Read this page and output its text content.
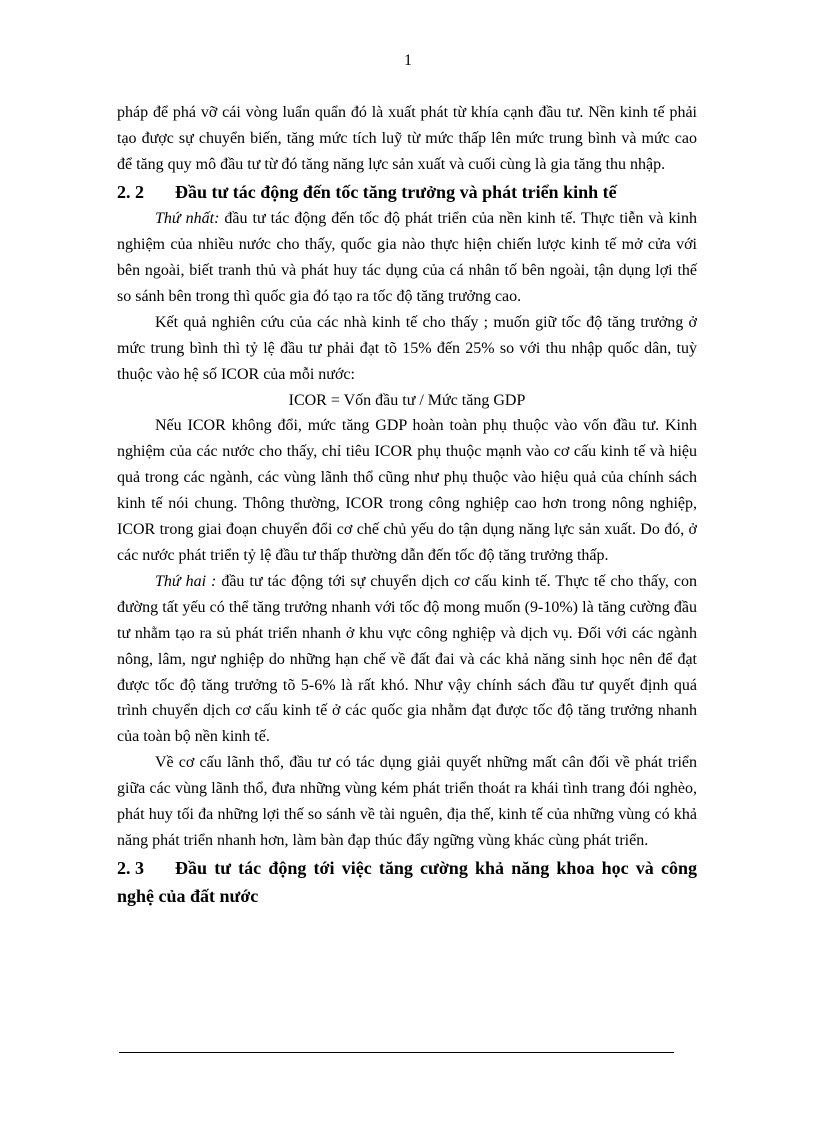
1

pháp để phá vỡ cái vòng luẩn quẩn đó là xuất phát từ khía cạnh đầu tư. Nền kinh tế phải tạo được sự chuyển biến, tăng mức tích luỹ từ mức thấp lên mức trung bình và mức cao để tăng quy mô đầu tư từ đó tăng năng lực sản xuất và cuối cùng là gia tăng thu nhập.

2. 2 Đầu tư tác động đến tốc tăng trưởng và phát triển kinh tế

Thứ nhất: đầu tư tác động đến tốc độ phát triển của nền kinh tế. Thực tiễn và kinh nghiệm của nhiều nước cho thấy, quốc gia nào thực hiện chiến lược kinh tế mở cửa với bên ngoài, biết tranh thủ và phát huy tác dụng của cá nhân tố bên ngoài, tận dụng lợi thế so sánh bên trong thì quốc gia đó tạo ra tốc độ tăng trưởng cao.

Kết quả nghiên cứu của các nhà kinh tế cho thấy ; muốn giữ tốc độ tăng trưởng ở mức trung bình thì tỷ lệ đầu tư phải đạt tõ 15% đến 25% so với thu nhập quốc dân, tuỳ thuộc vào hệ số ICOR của mỗi nước:

ICOR = Vốn đầu tư / Mức tăng GDP

Nếu ICOR không đổi, mức tăng GDP hoàn toàn phụ thuộc vào vốn đầu tư. Kinh nghiệm của các nước cho thấy, chỉ tiêu ICOR phụ thuộc mạnh vào cơ cấu kinh tế và hiệu quả trong các ngành, các vùng lãnh thổ cũng như phụ thuộc vào hiệu quả của chính sách kinh tế nói chung. Thông thường, ICOR trong công nghiệp cao hơn trong nông nghiệp, ICOR trong giai đoạn chuyển đổi cơ chế chủ yếu do tận dụng năng lực sản xuất. Do đó, ở các nước phát triển tỷ lệ đầu tư thấp thường dẫn đến tốc độ tăng trưởng thấp.

Thứ hai : đầu tư tác động tới sự chuyển dịch cơ cấu kinh tế. Thực tế cho thấy, con đường tất yếu có thể tăng trưởng nhanh với tốc độ mong muốn (9-10%) là tăng cường đầu tư nhằm tạo ra sủ phát triển nhanh ở khu vực công nghiệp và dịch vụ. Đối với các ngành nông, lâm, ngư nghiệp do những hạn chế về đất đai và các khả năng sinh học nên để đạt được tốc độ tăng trưởng tõ 5-6% là rất khó. Như vậy chính sách đầu tư quyết định quá trình chuyển dịch cơ cấu kinh tế ở các quốc gia nhằm đạt được tốc độ tăng trưởng nhanh của toàn bộ nền kinh tế.

Về cơ cấu lãnh thổ, đầu tư có tác dụng giải quyết những mất cân đối về phát triển giữa các vùng lãnh thổ, đưa những vùng kém phát triển thoát ra khái tình trang đói nghèo, phát huy tối đa những lợi thế so sánh về tài nguên, địa thế, kinh tế của những vùng có khả năng phát triển nhanh hơn, làm bàn đạp thúc đẩy ngững vùng khác cùng phát triển.

2. 3 Đầu tư tác động tới việc tăng cường khả năng khoa học và công nghệ của đất nước
